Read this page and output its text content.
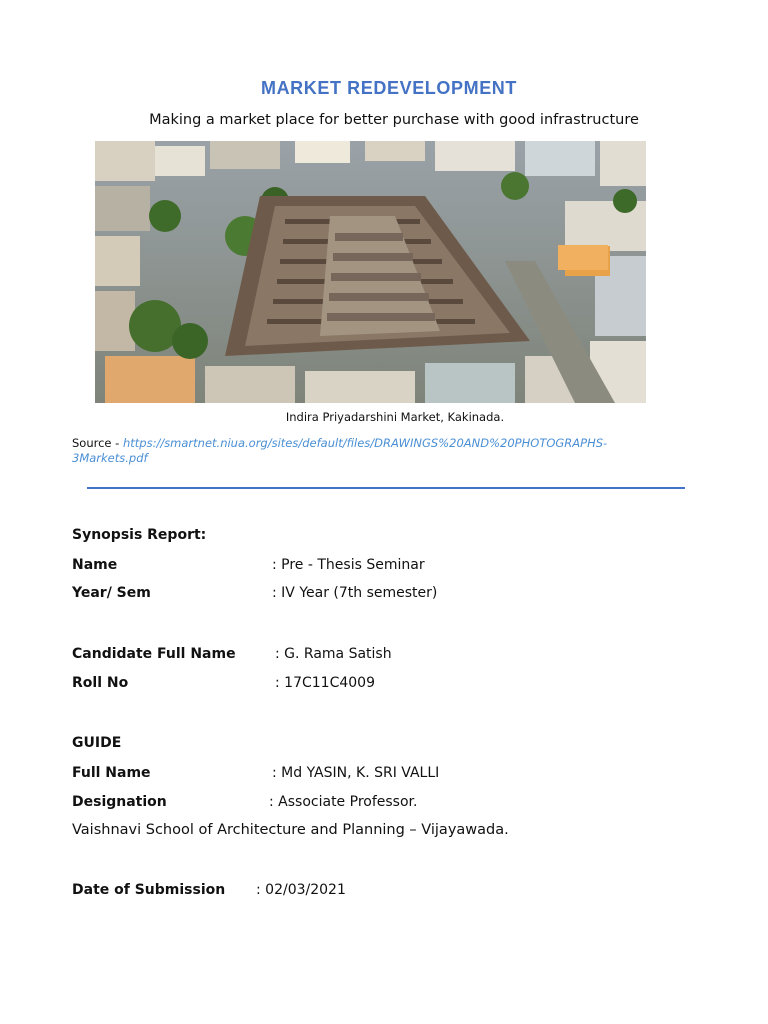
MARKET REDEVELOPMENT
Making a market place for better purchase with good infrastructure
Indira Priyadarshini Market, Kakinada.
Source - https://smartnet.niua.org/sites/default/files/DRAWINGS%20AND%20PHOTOGRAPHS-
3Markets.pdf
Synopsis Report:
Name	: Pre - Thesis Seminar
Year/ Sem	: IV Year (7th semester)
Candidate Full Name	: G. Rama Satish
Roll No	: 17C11C4009
GUIDE
Full Name	: Md YASIN, K. SRI VALLI
Designation	: Associate Professor.
Vaishnavi School of Architecture and Planning – Vijayawada.
Date of Submission : 02/03/2021
